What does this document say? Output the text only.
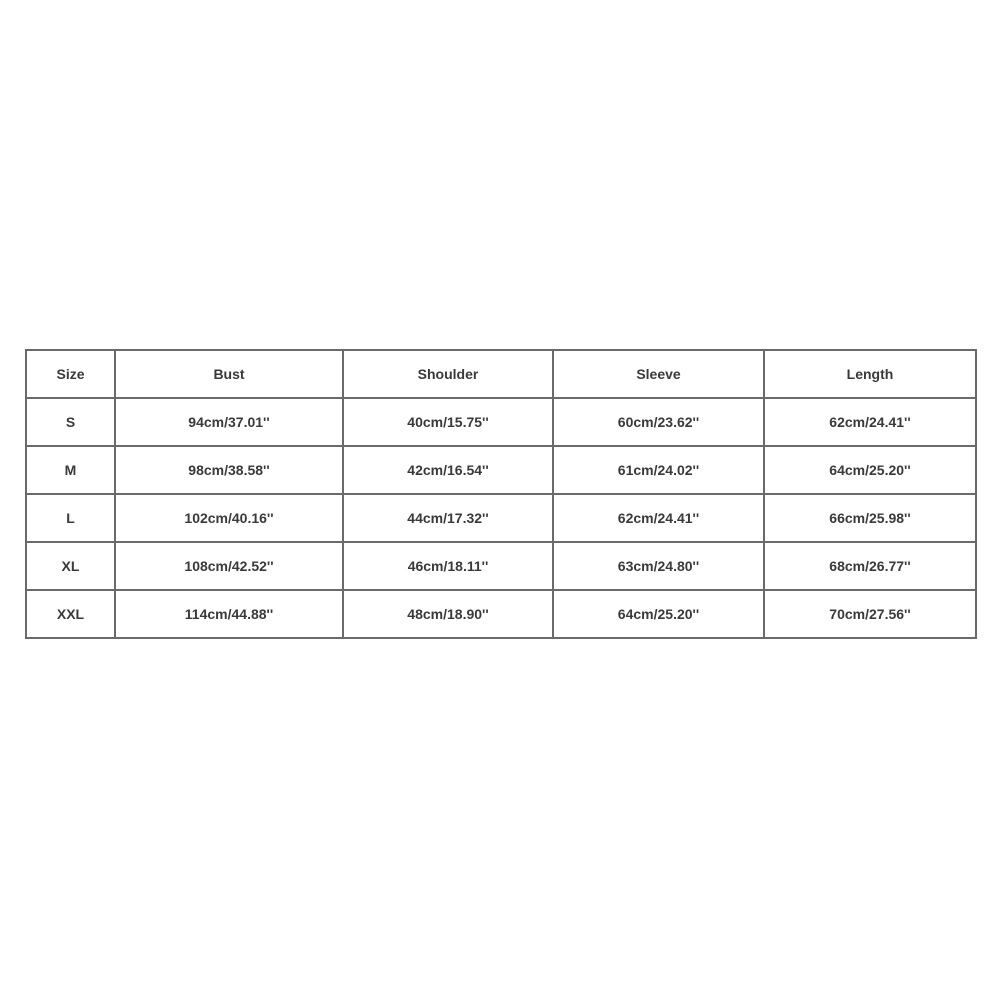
Size	Bust	Shoulder	Sleeve	Length
S	94cm/37.01''	40cm/15.75''	60cm/23.62''	62cm/24.41''
M	98cm/38.58''	42cm/16.54''	61cm/24.02''	64cm/25.20''
L	102cm/40.16''	44cm/17.32''	62cm/24.41''	66cm/25.98''
XL	108cm/42.52''	46cm/18.11''	63cm/24.80''	68cm/26.77''
XXL	114cm/44.88''	48cm/18.90''	64cm/25.20''	70cm/27.56''
